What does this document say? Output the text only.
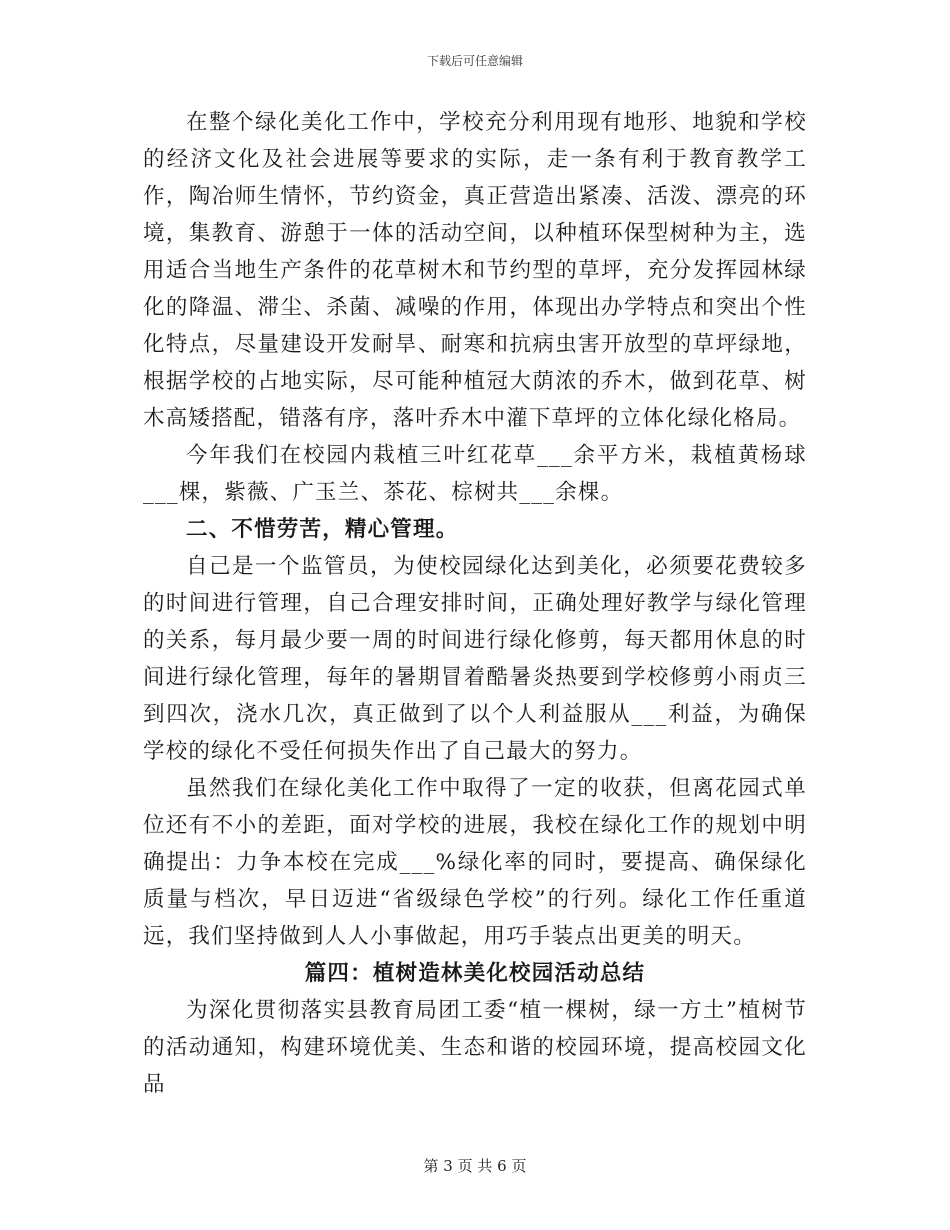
下载后可任意编辑

在整个绿化美化工作中，学校充分利用现有地形、地貌和学校的经济文化及社会进展等要求的实际，走一条有利于教育教学工作，陶冶师生情怀，节约资金，真正营造出紧凑、活泼、漂亮的环境，集教育、游憩于一体的活动空间，以种植环保型树种为主，选用适合当地生产条件的花草树木和节约型的草坪，充分发挥园林绿化的降温、滞尘、杀菌、减噪的作用，体现出办学特点和突出个性化特点，尽量建设开发耐旱、耐寒和抗病虫害开放型的草坪绿地，根据学校的占地实际，尽可能种植冠大荫浓的乔木，做到花草、树木高矮搭配，错落有序，落叶乔木中灌下草坪的立体化绿化格局。

今年我们在校园内栽植三叶红花草___余平方米，栽植黄杨球___棵，紫薇、广玉兰、茶花、棕树共___余棵。

二、不惜劳苦，精心管理。

自己是一个监管员，为使校园绿化达到美化，必须要花费较多的时间进行管理，自己合理安排时间，正确处理好教学与绿化管理的关系，每月最少要一周的时间进行绿化修剪，每天都用休息的时间进行绿化管理，每年的暑期冒着酷暑炎热要到学校修剪小雨贞三到四次，浇水几次，真正做到了以个人利益服从___利益，为确保学校的绿化不受任何损失作出了自己最大的努力。

虽然我们在绿化美化工作中取得了一定的收获，但离花园式单位还有不小的差距，面对学校的进展，我校在绿化工作的规划中明确提出：力争本校在完成___%绿化率的同时，要提高、确保绿化质量与档次，早日迈进“省级绿色学校”的行列。绿化工作任重道远，我们坚持做到人人小事做起，用巧手装点出更美的明天。

篇四：植树造林美化校园活动总结

为深化贯彻落实县教育局团工委“植一棵树，绿一方土”植树节的活动通知，构建环境优美、生态和谐的校园环境，提高校园文化品

第 3 页 共 6 页
